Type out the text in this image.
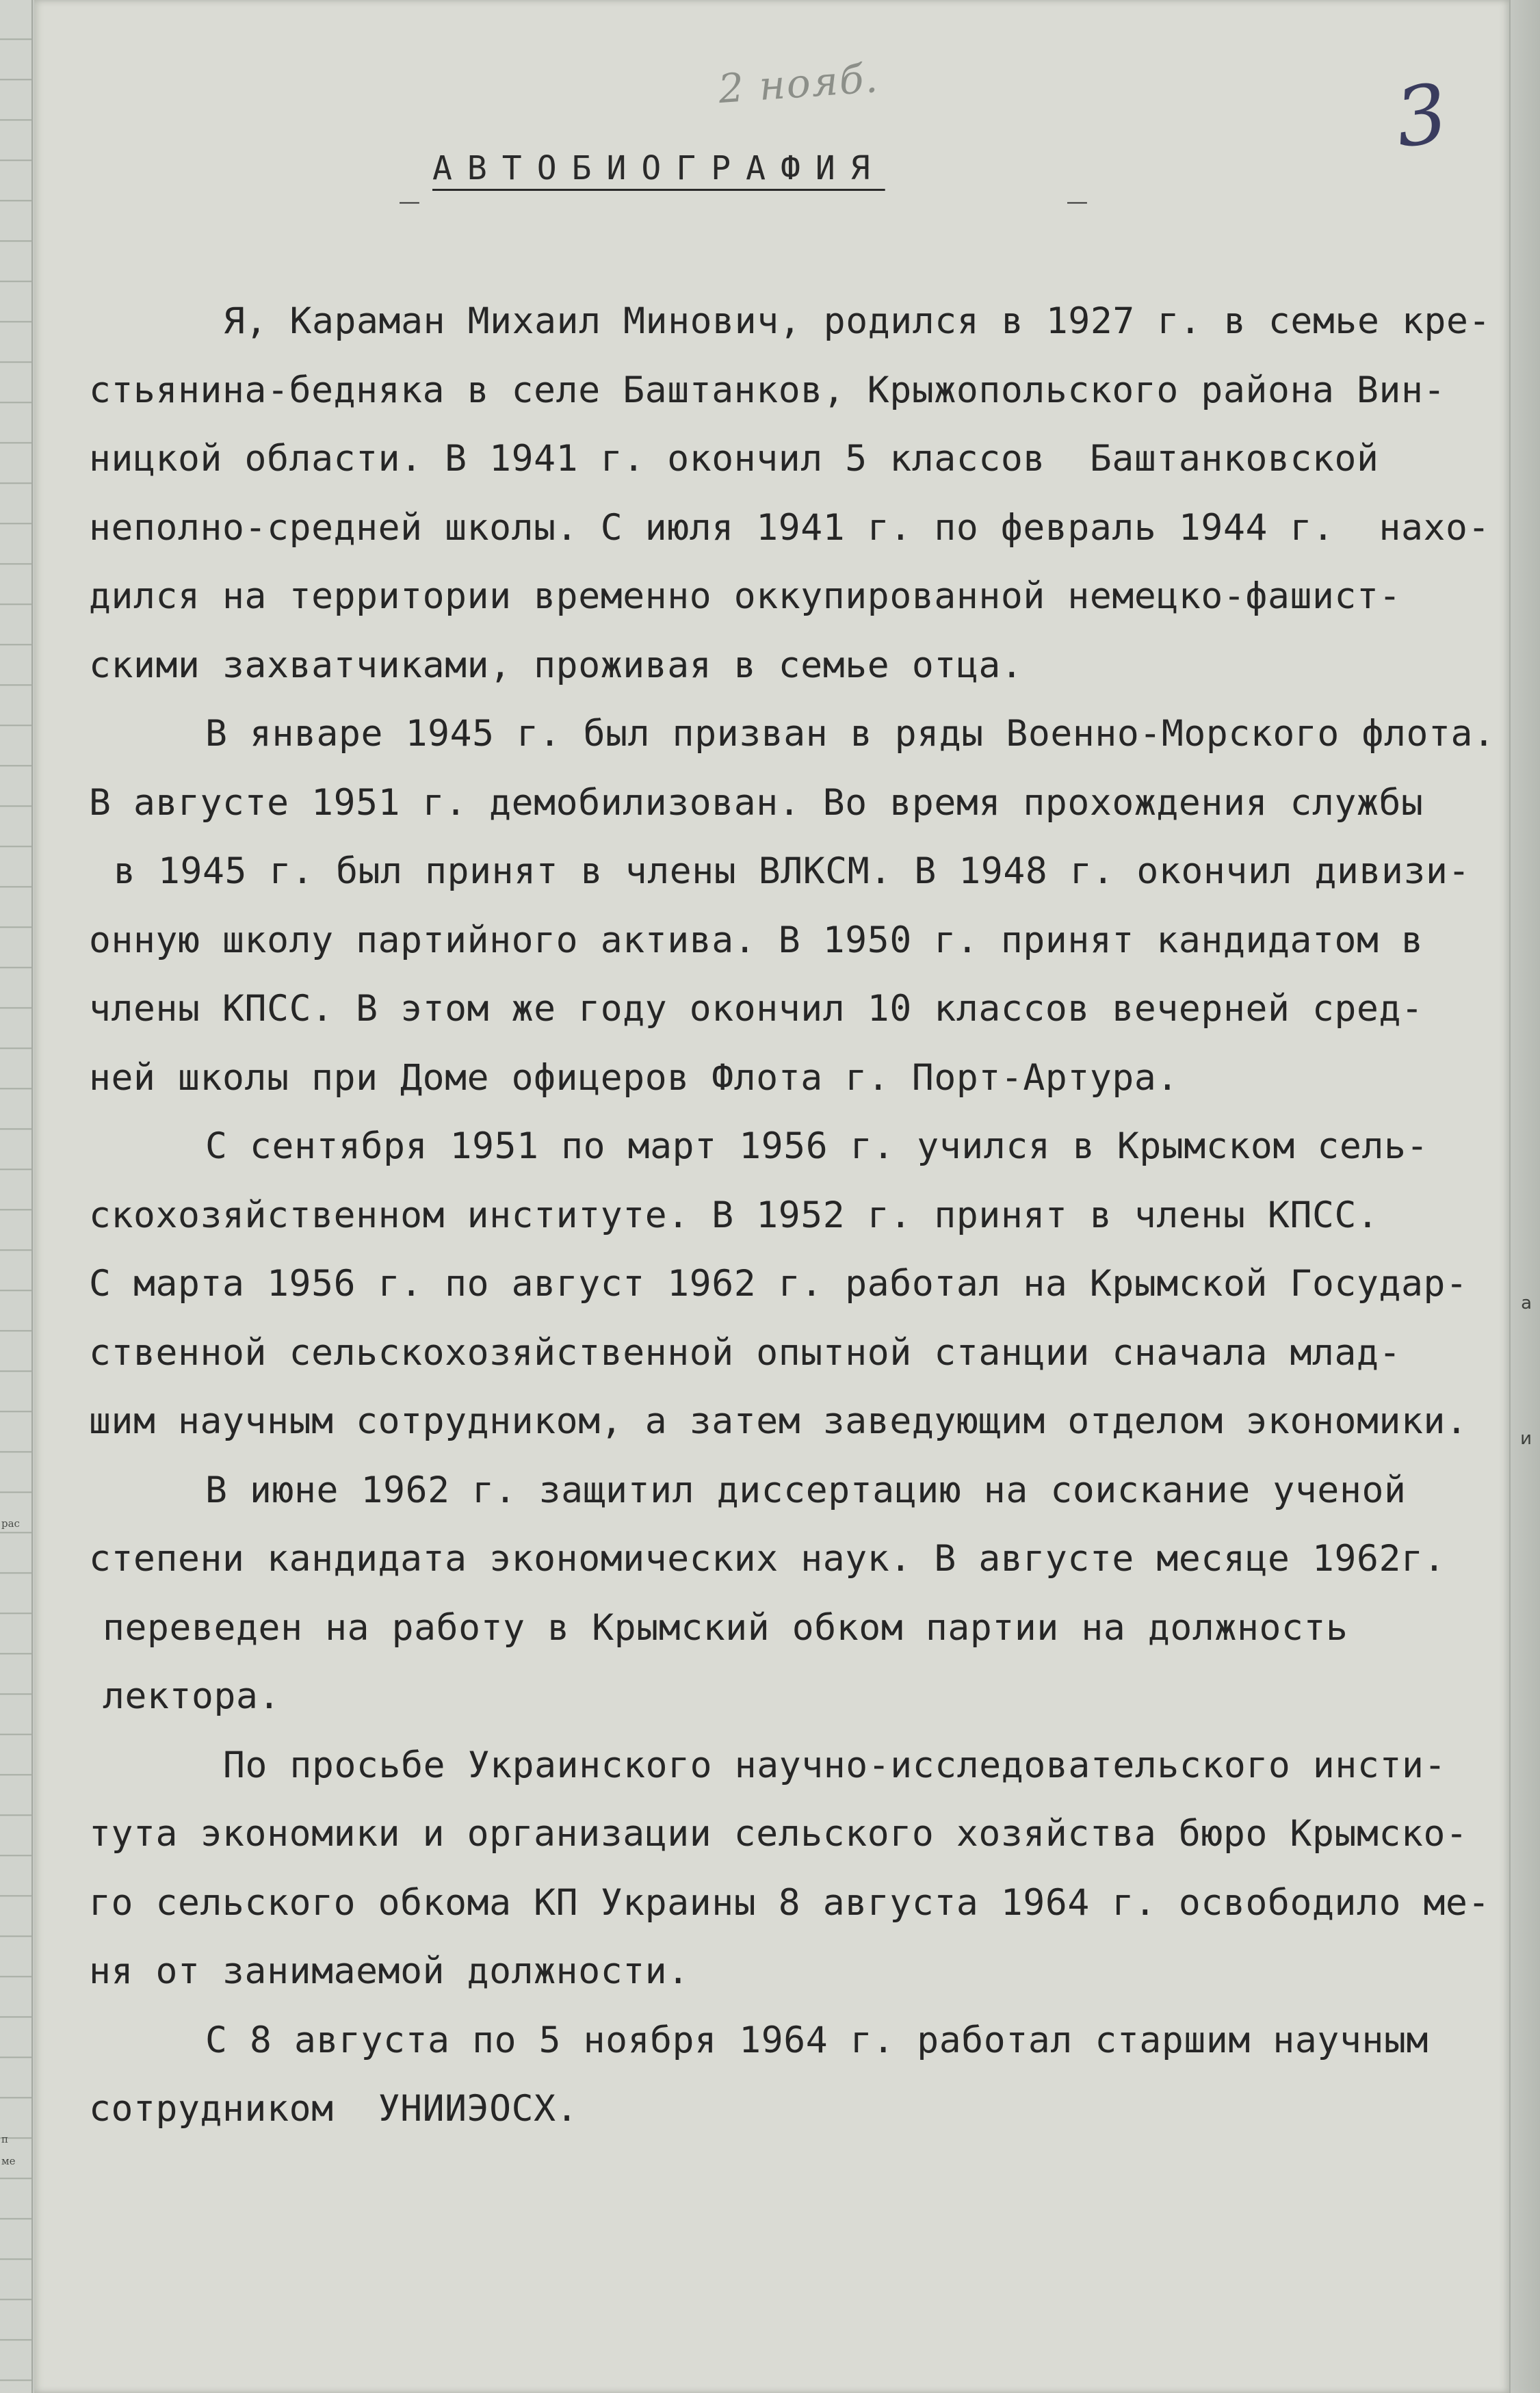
рас
п
ме
а
и
2 нояб.	3
_ АВТОБИОГРАФИЯ	_
Я, Караман Михаил Минович, родился в 1927 г. в семье кре-
стьянина-бедняка в селе Баштанков, Крыжопольского района Вин-
ницкой области. В 1941 г. окончил 5 классов  Баштанковской
неполно-средней школы. С июля 1941 г. по февраль 1944 г.  нахо-
дился на территории временно оккупированной немецко-фашист-
скими захватчиками, проживая в семье отца.
В январе 1945 г. был призван в ряды Военно-Морского флота.
В августе 1951 г. демобилизован. Во время прохождения службы
в 1945 г. был принят в члены ВЛКСМ. В 1948 г. окончил дивизи-
онную школу партийного актива. В 1950 г. принят кандидатом в
члены КПСС. В этом же году окончил 10 классов вечерней сред-
ней школы при Доме офицеров Флота г. Порт-Артура.
С сентября 1951 по март 1956 г. учился в Крымском сель-
скохозяйственном институте. В 1952 г. принят в члены КПСС.
С марта 1956 г. по август 1962 г. работал на Крымской Государ-
ственной сельскохозяйственной опытной станции сначала млад-
шим научным сотрудником, а затем заведующим отделом экономики.
В июне 1962 г. защитил диссертацию на соискание ученой
степени кандидата экономических наук. В августе месяце 1962г.
переведен на работу в Крымский обком партии на должность
лектора.
По просьбе Украинского научно-исследовательского инсти-
тута экономики и организации сельского хозяйства бюро Крымско-
го сельского обкома КП Украины 8 августа 1964 г. освободило ме-
ня от занимаемой должности.
С 8 августа по 5 ноября 1964 г. работал старшим научным
сотрудником  УНИИЭОСХ.
